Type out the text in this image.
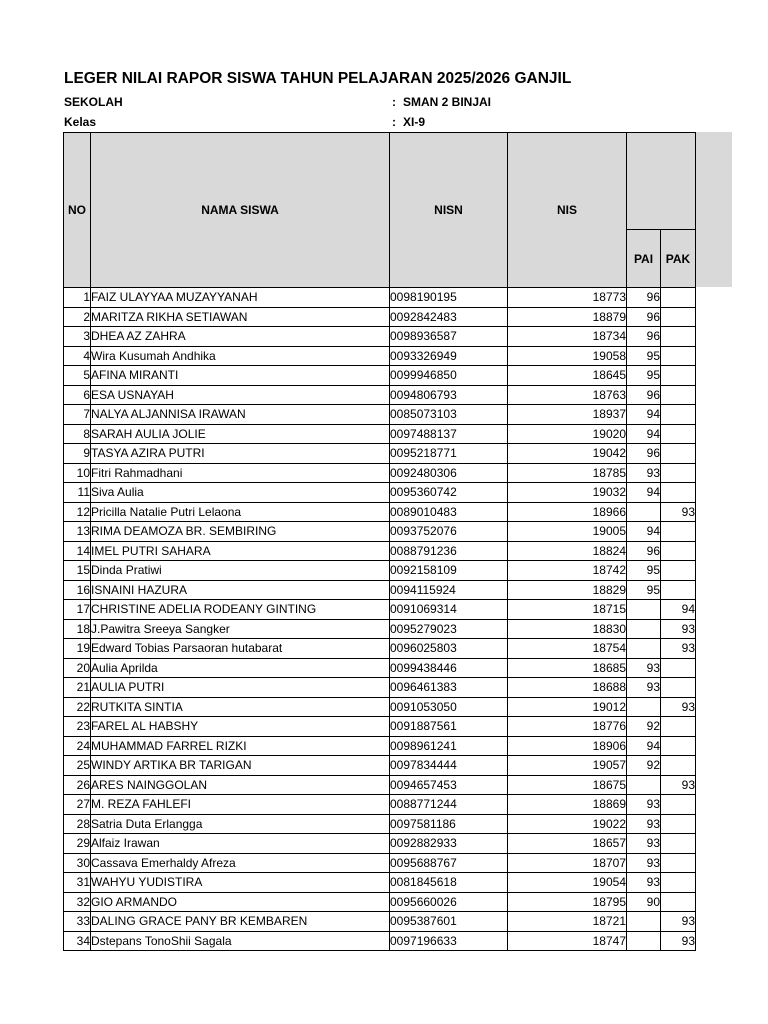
LEGER NILAI RAPOR SISWA TAHUN PELAJARAN 2025/2026 GANJIL
SEKOLAH	: SMAN 2 BINJAI
Kelas	: XI-9
NO	NAMA SISWA	NISN	NIS		
				PAI	PAK
1	FAIZ ULAYYAA MUZAYYANAH	0098190195	18773	96	
2	MARITZA RIKHA SETIAWAN	0092842483	18879	96	
3	DHEA AZ ZAHRA	0098936587	18734	96	
4	Wira Kusumah Andhika	0093326949	19058	95	
5	AFINA MIRANTI	0099946850	18645	95	
6	ESA USNAYAH	0094806793	18763	96	
7	NALYA ALJANNISA IRAWAN	0085073103	18937	94	
8	SARAH AULIA JOLIE	0097488137	19020	94	
9	TASYA AZIRA PUTRI	0095218771	19042	96	
10	Fitri Rahmadhani	0092480306	18785	93	
11	Siva Aulia	0095360742	19032	94	
12	Pricilla Natalie Putri Lelaona	0089010483	18966		93
13	RIMA DEAMOZA BR. SEMBIRING	0093752076	19005	94	
14	IMEL PUTRI SAHARA	0088791236	18824	96	
15	Dinda Pratiwi	0092158109	18742	95	
16	ISNAINI HAZURA	0094115924	18829	95	
17	CHRISTINE ADELIA RODEANY GINTING	0091069314	18715		94
18	J.Pawitra Sreeya Sangker	0095279023	18830		93
19	Edward Tobias Parsaoran hutabarat	0096025803	18754		93
20	Aulia Aprilda	0099438446	18685	93	
21	AULIA PUTRI	0096461383	18688	93	
22	RUTKITA SINTIA	0091053050	19012		93
23	FAREL AL HABSHY	0091887561	18776	92	
24	MUHAMMAD FARREL RIZKI	0098961241	18906	94	
25	WINDY ARTIKA BR TARIGAN	0097834444	19057	92	
26	ARES NAINGGOLAN	0094657453	18675		93
27	M. REZA FAHLEFI	0088771244	18869	93	
28	Satria Duta Erlangga	0097581186	19022	93	
29	Alfaiz Irawan	0092882933	18657	93	
30	Cassava Emerhaldy Afreza	0095688767	18707	93	
31	WAHYU YUDISTIRA	0081845618	19054	93	
32	GIO ARMANDO	0095660026	18795	90	
33	DALING GRACE PANY BR KEMBAREN	0095387601	18721		93
34	Dstepans TonoShii Sagala	0097196633	18747		93
